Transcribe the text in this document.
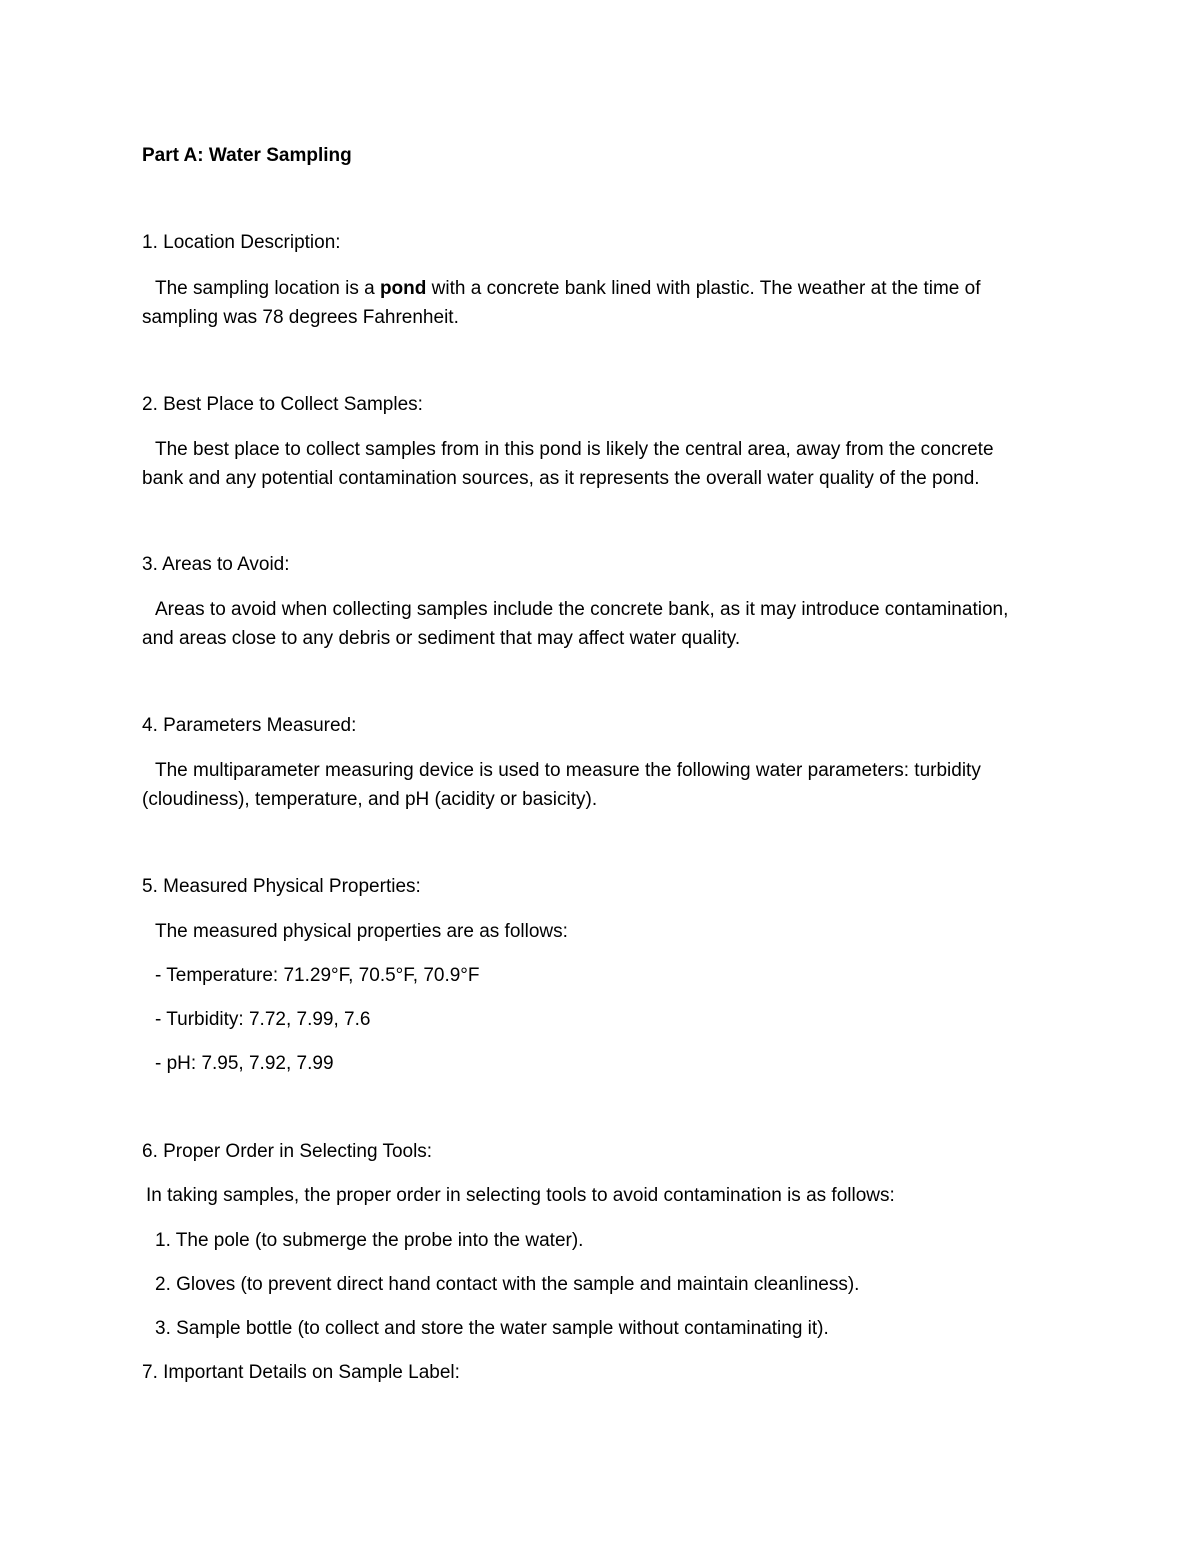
Part A: Water Sampling
1. Location Description:
The sampling location is a pond with a concrete bank lined with plastic. The weather at the time of
sampling was 78 degrees Fahrenheit.
2. Best Place to Collect Samples:
The best place to collect samples from in this pond is likely the central area, away from the concrete
bank and any potential contamination sources, as it represents the overall water quality of the pond.
3. Areas to Avoid:
Areas to avoid when collecting samples include the concrete bank, as it may introduce contamination,
and areas close to any debris or sediment that may affect water quality.
4. Parameters Measured:
The multiparameter measuring device is used to measure the following water parameters: turbidity
(cloudiness), temperature, and pH (acidity or basicity).
5. Measured Physical Properties:
The measured physical properties are as follows:
- Temperature: 71.29°F, 70.5°F, 70.9°F
- Turbidity: 7.72, 7.99, 7.6
- pH: 7.95, 7.92, 7.99
6. Proper Order in Selecting Tools:
In taking samples, the proper order in selecting tools to avoid contamination is as follows:
1. The pole (to submerge the probe into the water).
2. Gloves (to prevent direct hand contact with the sample and maintain cleanliness).
3. Sample bottle (to collect and store the water sample without contaminating it).
7. Important Details on Sample Label:
